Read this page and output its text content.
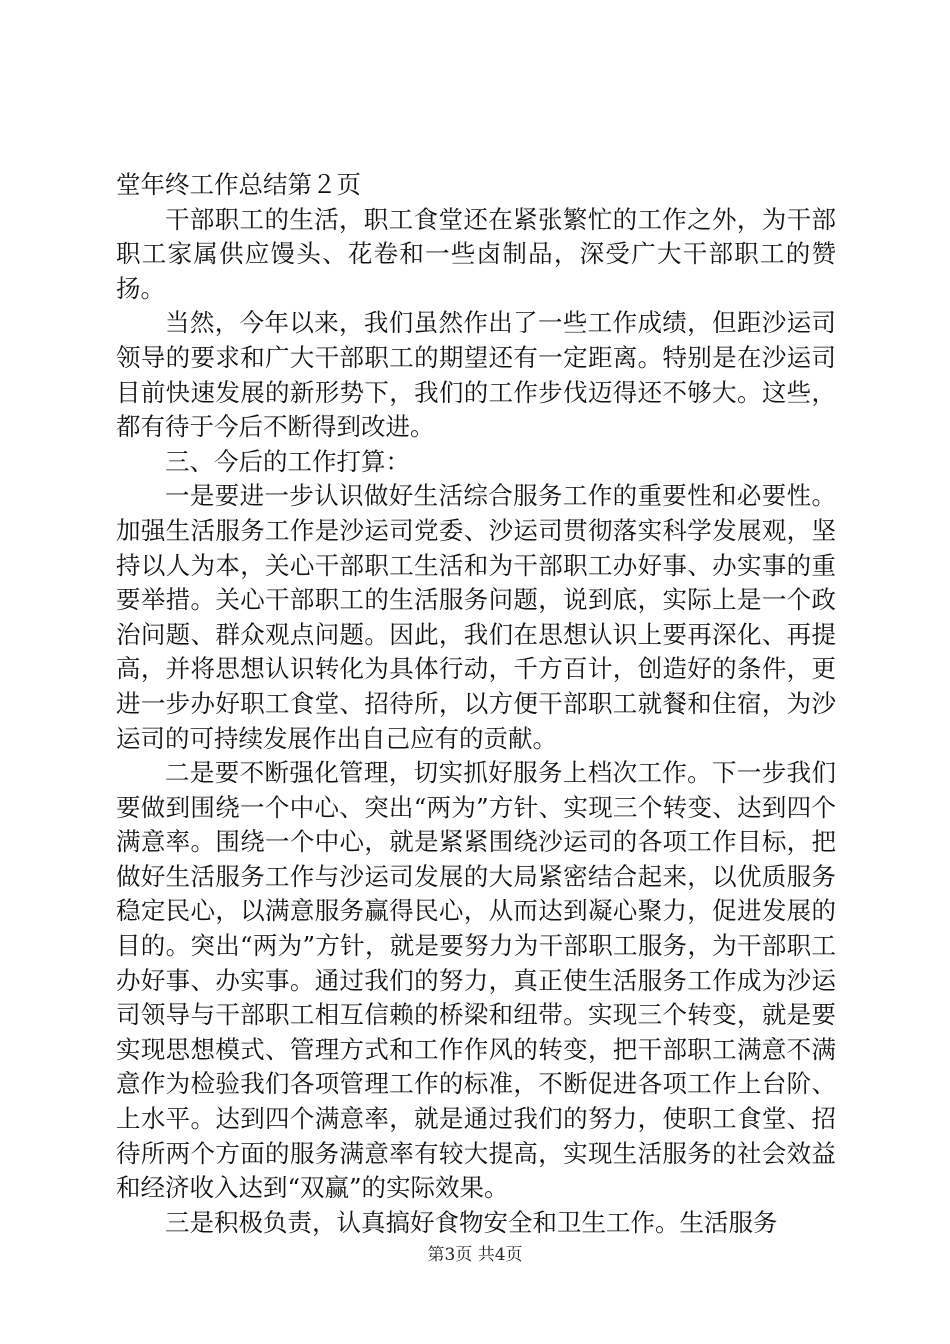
堂年终工作总结第２页

干部职工的生活，职工食堂还在紧张繁忙的工作之外，为干部职工家属供应馒头、花卷和一些卤制品，深受广大干部职工的赞扬。

当然，今年以来，我们虽然作出了一些工作成绩，但距沙运司领导的要求和广大干部职工的期望还有一定距离。特别是在沙运司目前快速发展的新形势下，我们的工作步伐迈得还不够大。这些，都有待于今后不断得到改进。

三、今后的工作打算：

一是要进一步认识做好生活综合服务工作的重要性和必要性。加强生活服务工作是沙运司党委、沙运司贯彻落实科学发展观，坚持以人为本，关心干部职工生活和为干部职工办好事、办实事的重要举措。关心干部职工的生活服务问题，说到底，实际上是一个政治问题、群众观点问题。因此，我们在思想认识上要再深化、再提高，并将思想认识转化为具体行动，千方百计，创造好的条件，更进一步办好职工食堂、招待所，以方便干部职工就餐和住宿，为沙运司的可持续发展作出自己应有的贡献。

二是要不断强化管理，切实抓好服务上档次工作。下一步我们要做到围绕一个中心、突出“两为”方针、实现三个转变、达到四个满意率。围绕一个中心，就是紧紧围绕沙运司的各项工作目标，把做好生活服务工作与沙运司发展的大局紧密结合起来，以优质服务稳定民心，以满意服务赢得民心，从而达到凝心聚力，促进发展的目的。突出“两为”方针，就是要努力为干部职工服务，为干部职工办好事、办实事。通过我们的努力，真正使生活服务工作成为沙运司领导与干部职工相互信赖的桥梁和纽带。实现三个转变，就是要实现思想模式、管理方式和工作作风的转变，把干部职工满意不满意作为检验我们各项管理工作的标准，不断促进各项工作上台阶、上水平。达到四个满意率，就是通过我们的努力，使职工食堂、招待所两个方面的服务满意率有较大提高，实现生活服务的社会效益和经济收入达到“双赢”的实际效果。

三是积极负责，认真搞好食物安全和卫生工作。生活服务

第3页 共4页
